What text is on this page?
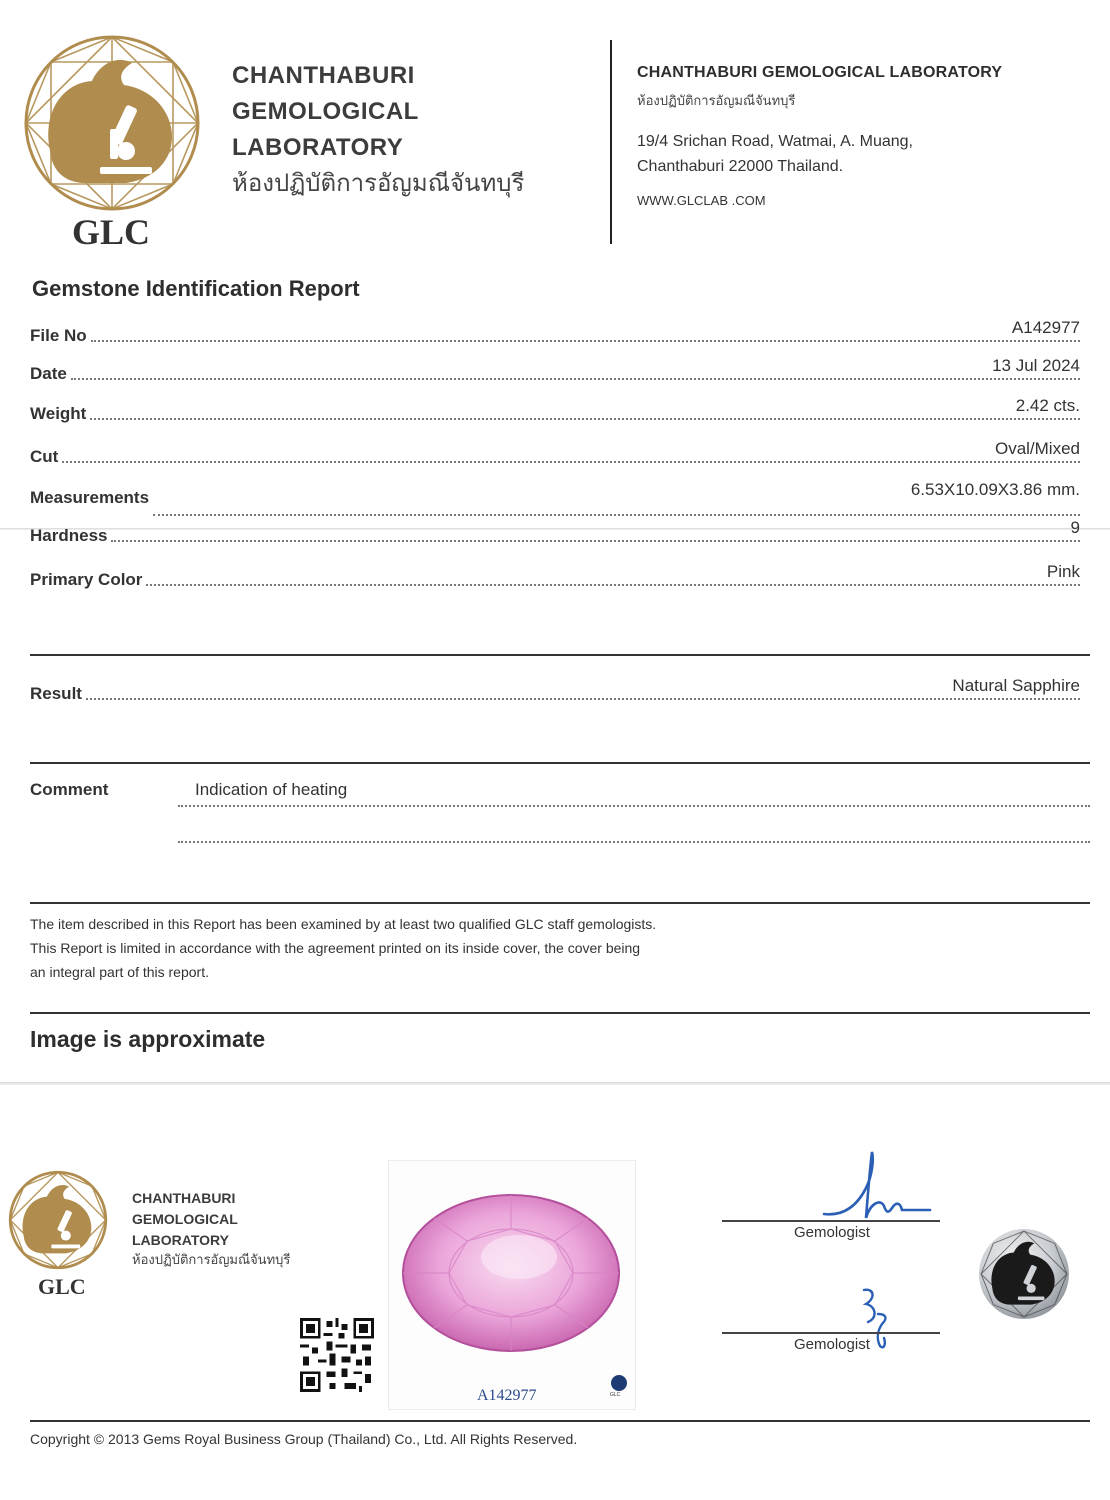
GLC
CHANTHABURI
GEMOLOGICAL
LABORATORY
ห้องปฏิบัติการอัญมณีจันทบุรี
CHANTHABURI GEMOLOGICAL LABORATORY
ห้องปฏิบัติการอัญมณีจันทบุรี
19/4 Srichan Road, Watmai, A. Muang,
Chanthaburi 22000 Thailand.
WWW.GLCLAB .COM
Gemstone Identification Report
File No	A142977
Date	13 Jul 2024
Weight	2.42 cts.
Cut	Oval/Mixed
Measurements	6.53X10.09X3.86 mm.
Hardness	9
Primary Color	Pink
Result	Natural Sapphire
Comment	Indication of heating
The item described in this Report has been examined by at least two qualified GLC staff gemologists.
This Report is limited in accordance with the agreement printed on its inside cover, the cover being
an integral part of this report.
Image is approximate
GLC
CHANTHABURI
GEMOLOGICAL
LABORATORY
ห้องปฏิบัติการอัญมณีจันทบุรี
A142977	GLC
Gemologist
Gemologist
Copyright © 2013 Gems Royal Business Group (Thailand) Co., Ltd. All Rights Reserved.
